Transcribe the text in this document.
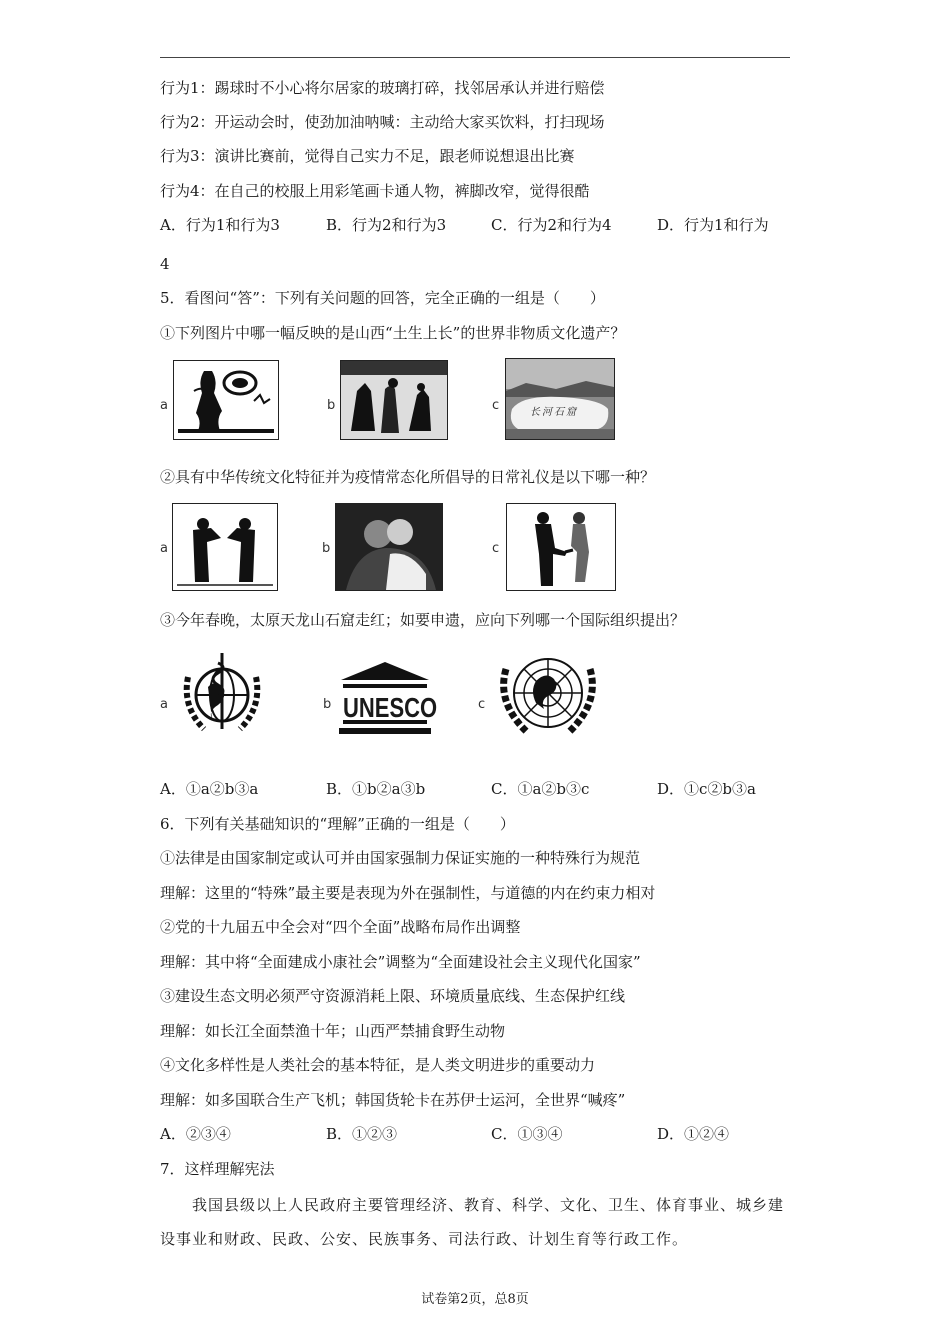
行为1：踢球时不小心将尔居家的玻璃打碎，找邻居承认并进行赔偿
行为2：开运动会时，使劲加油呐喊：主动给大家买饮料，打扫现场
行为3：演讲比赛前，觉得自己实力不足，跟老师说想退出比赛
行为4：在自己的校服上用彩笔画卡通人物，裤脚改窄，觉得很酷
A．行为1和行为3	B．行为2和行为3	C．行为2和行为4	D．行为1和行为
4
5．看图问“答”：下列有关问题的回答，完全正确的一组是（　　）
①下列图片中哪一幅反映的是山西“土生上长”的世界非物质文化遗产？
a	b	c	长河石窟
②具有中华传统文化特征并为疫情常态化所倡导的日常礼仪是以下哪一种？
a	b	c
③今年春晚，太原天龙山石窟走红；如要申遗，应向下列哪一个国际组织提出？
a	b UNESCO	c
A．①a②b③a	B．①b②a③b	C．①a②b③c	D．①c②b③a
6．下列有关基础知识的“理解”正确的一组是（　　）
①法律是由国家制定或认可并由国家强制力保证实施的一种特殊行为规范
理解：这里的“特殊”最主要是表现为外在强制性，与道德的内在约束力相对
②党的十九届五中全会对“四个全面”战略布局作出调整
理解：其中将“全面建成小康社会”调整为“全面建设社会主义现代化国家”
③建设生态文明必须严守资源消耗上限、环境质量底线、生态保护红线
理解：如长江全面禁渔十年；山西严禁捕食野生动物
④文化多样性是人类社会的基本特征，是人类文明进步的重要动力
理解：如多国联合生产飞机；韩国货轮卡在苏伊士运河，全世界“喊疼”
A．②③④	B．①②③	C．①③④	D．①②④
7．这样理解宪法
　　我国县级以上人民政府主要管理经济、教育、科学、文化、卫生、体育事业、城乡建设事业和财政、民政、公安、民族事务、司法行政、计划生育等行政工作。
试卷第2页，总8页
